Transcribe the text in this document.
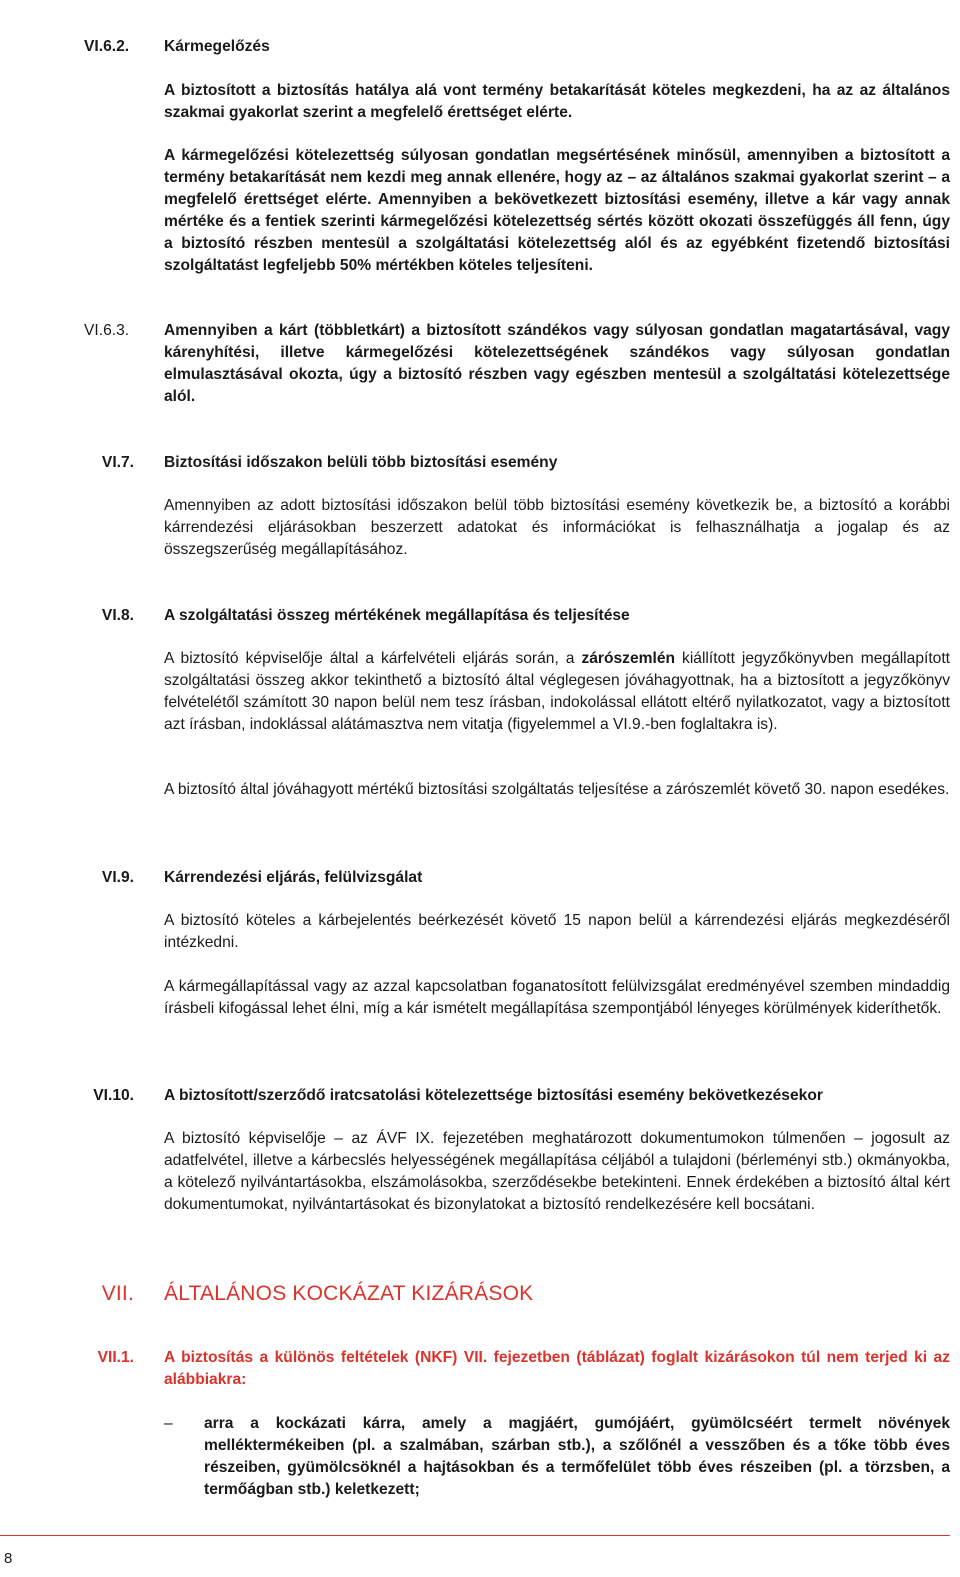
VI.6.2. Kármegelőzés
A biztosított a biztosítás hatálya alá vont termény betakarítását köteles megkezdeni, ha az az általános szakmai gyakorlat szerint a megfelelő érettséget elérte.
A kármegelőzési kötelezettség súlyosan gondatlan megsértésének minősül, amennyiben a biztosított a termény betakarítását nem kezdi meg annak ellenére, hogy az – az általános szakmai gyakorlat szerint – a megfelelő érettséget elérte. Amennyiben a bekövetkezett biztosítási esemény, illetve a kár vagy annak mértéke és a fentiek szerinti kármegelőzési kötelezettség sértés között okozati összefüggés áll fenn, úgy a biztosító részben mentesül a szolgáltatási kötelezettség alól és az egyébként fizetendő biztosítási szolgáltatást legfeljebb 50% mértékben köteles teljesíteni.
VI.6.3. Amennyiben a kárt (többletkárt) a biztosított szándékos vagy súlyosan gondatlan magatartásával, vagy kárenyhítési, illetve kármegelőzési kötelezettségének szándékos vagy súlyosan gondatlan elmulasztásával okozta, úgy a biztosító részben vagy egészben mentesül a szolgáltatási kötelezettsége alól.
VI.7. Biztosítási időszakon belüli több biztosítási esemény
Amennyiben az adott biztosítási időszakon belül több biztosítási esemény következik be, a biztosító a korábbi kárrendezési eljárásokban beszerzett adatokat és információkat is felhasználhatja a jogalap és az összegszerűség megállapításához.
VI.8. A szolgáltatási összeg mértékének megállapítása és teljesítése
A biztosító képviselője által a kárfelvételi eljárás során, a zárószemlén kiállított jegyzőkönyvben megállapított szolgáltatási összeg akkor tekinthető a biztosító által véglegesen jóváhagyottnak, ha a biztosított a jegyzőkönyv felvételétől számított 30 napon belül nem tesz írásban, indokolással ellátott eltérő nyilatkozatot, vagy a biztosított azt írásban, indoklással alátámasztva nem vitatja (figyelemmel a VI.9.-ben foglaltakra is).
A biztosító által jóváhagyott mértékű biztosítási szolgáltatás teljesítése a zárószemlét követő 30. napon esedékes.
VI.9. Kárrendezési eljárás, felülvizsgálat
A biztosító köteles a kárbejelentés beérkezését követő 15 napon belül a kárrendezési eljárás megkezdéséről intézkedni.
A kármegállapítással vagy az azzal kapcsolatban foganatosított felülvizsgálat eredményével szemben mindaddig írásbeli kifogással lehet élni, míg a kár ismételt megállapítása szempontjából lényeges körülmények kideríthetők.
VI.10. A biztosított/szerződő iratcsatolási kötelezettsége biztosítási esemény bekövetkezésekor
A biztosító képviselője – az ÁVF IX. fejezetében meghatározott dokumentumokon túlmenően – jogosult az adatfelvétel, illetve a kárbecslés helyességének megállapítása céljából a tulajdoni (bérleményi stb.) okmányokba, a kötelező nyilvántartásokba, elszámolásokba, szerződésekbe betekinteni. Ennek érdekében a biztosító által kért dokumentumokat, nyilvántartásokat és bizonylatokat a biztosító rendelkezésére kell bocsátani.
VII. ÁLTALÁNOS KOCKÁZAT KIZÁRÁSOK
VII.1. A biztosítás a különös feltételek (NKF) VII. fejezetben (táblázat) foglalt kizárásokon túl nem terjed ki az alábbiakra:
– arra a kockázati kárra, amely a magjáért, gumójáért, gyümölcséért termelt növények melléktermékeiben (pl. a szalmában, szárban stb.), a szőlőnél a vesszőben és a tőke több éves részeiben, gyümölcsöknél a hajtásokban és a termőfelület több éves részeiben (pl. a törzsben, a termőágban stb.) keletkezett;
8
